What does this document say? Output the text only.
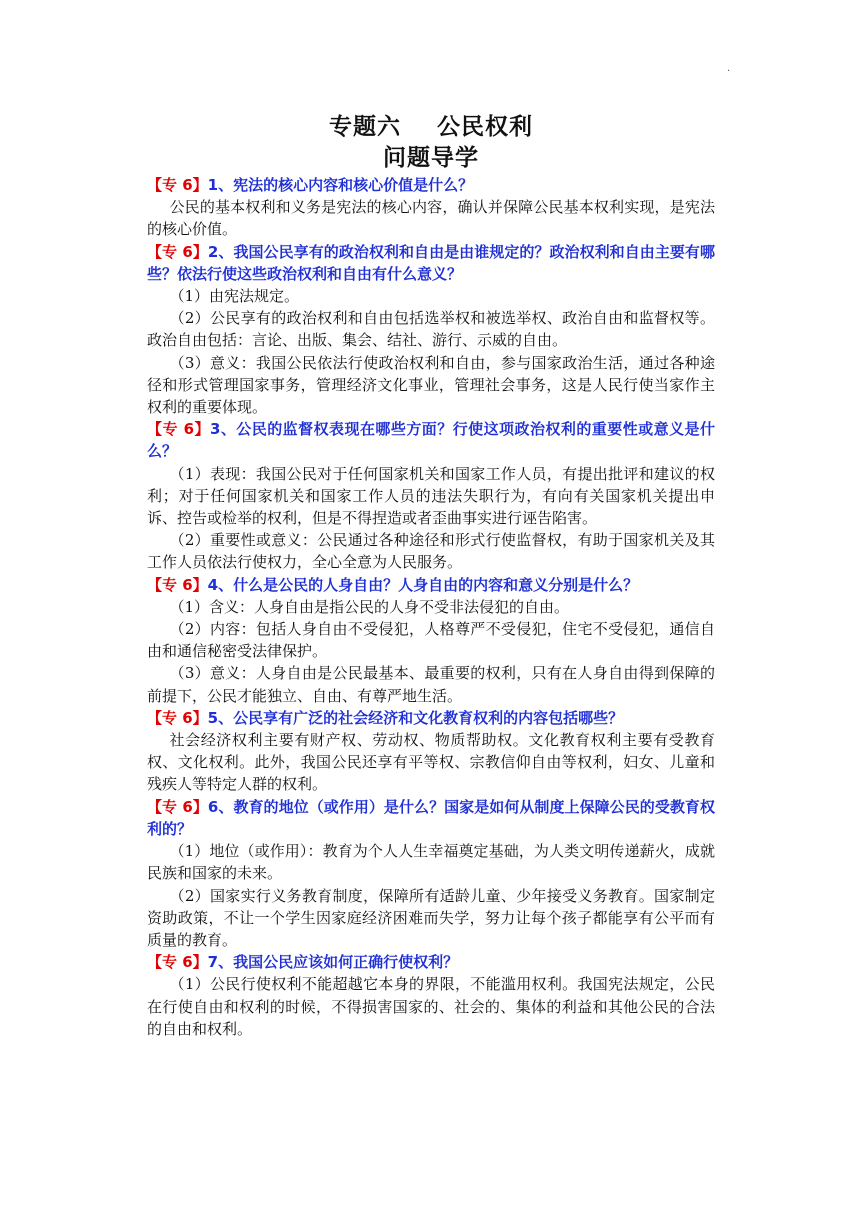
·
专题六    公民权利
问题导学

【专 6】1、宪法的核心内容和核心价值是什么？

公民的基本权利和义务是宪法的核心内容，确认并保障公民基本权利实现，是宪法的核心价值。

【专 6】2、我国公民享有的政治权利和自由是由谁规定的？政治权利和自由主要有哪些？依法行使这些政治权利和自由有什么意义？

（1）由宪法规定。

（2）公民享有的政治权利和自由包括选举权和被选举权、政治自由和监督权等。政治自由包括：言论、出版、集会、结社、游行、示威的自由。

（3）意义：我国公民依法行使政治权利和自由，参与国家政治生活，通过各种途径和形式管理国家事务，管理经济文化事业，管理社会事务，这是人民行使当家作主权利的重要体现。

【专 6】3、公民的监督权表现在哪些方面？行使这项政治权利的重要性或意义是什么？

（1）表现：我国公民对于任何国家机关和国家工作人员，有提出批评和建议的权利；对于任何国家机关和国家工作人员的违法失职行为，有向有关国家机关提出申诉、控告或检举的权利，但是不得捏造或者歪曲事实进行诬告陷害。

（2）重要性或意义：公民通过各种途径和形式行使监督权，有助于国家机关及其工作人员依法行使权力，全心全意为人民服务。

【专 6】4、什么是公民的人身自由？人身自由的内容和意义分别是什么？

（1）含义：人身自由是指公民的人身不受非法侵犯的自由。

（2）内容：包括人身自由不受侵犯，人格尊严不受侵犯，住宅不受侵犯，通信自由和通信秘密受法律保护。

（3）意义：人身自由是公民最基本、最重要的权利，只有在人身自由得到保障的前提下，公民才能独立、自由、有尊严地生活。

【专 6】5、公民享有广泛的社会经济和文化教育权利的内容包括哪些？

社会经济权利主要有财产权、劳动权、物质帮助权。文化教育权利主要有受教育权、文化权利。此外，我国公民还享有平等权、宗教信仰自由等权利，妇女、儿童和残疾人等特定人群的权利。

【专 6】6、教育的地位（或作用）是什么？国家是如何从制度上保障公民的受教育权利的？

（1）地位（或作用）：教育为个人人生幸福奠定基础，为人类文明传递薪火，成就民族和国家的未来。

（2）国家实行义务教育制度，保障所有适龄儿童、少年接受义务教育。国家制定资助政策，不让一个学生因家庭经济困难而失学，努力让每个孩子都能享有公平而有质量的教育。

【专 6】7、我国公民应该如何正确行使权利？

（1）公民行使权利不能超越它本身的界限，不能滥用权利。我国宪法规定，公民在行使自由和权利的时候，不得损害国家的、社会的、集体的利益和其他公民的合法的自由和权利。
